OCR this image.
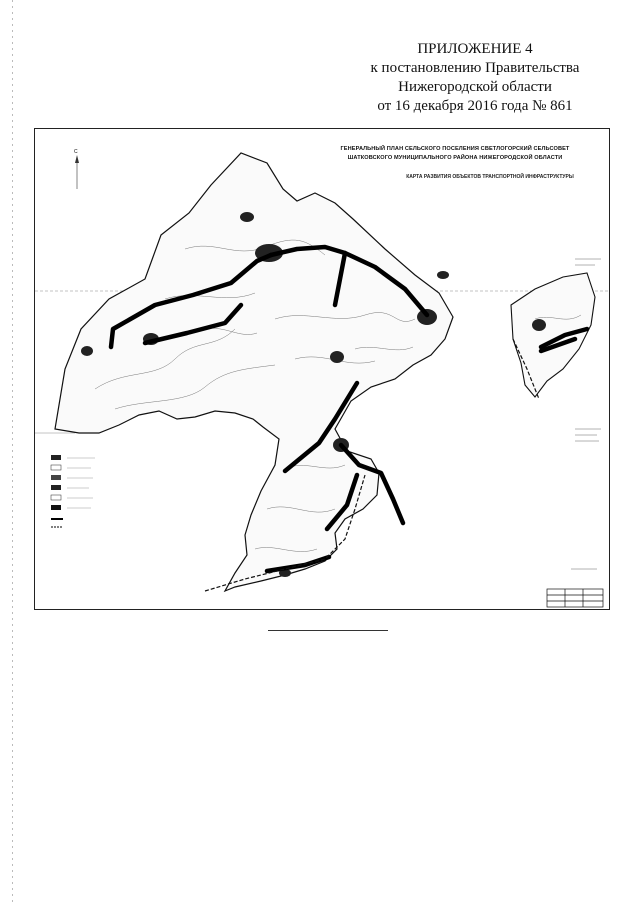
ПРИЛОЖЕНИЕ 4
к постановлению Правительства
Нижегородской области
от 16 декабря 2016 года № 861
С	ГЕНЕРАЛЬНЫЙ ПЛАН СЕЛЬСКОГО ПОСЕЛЕНИЯ СВЕТЛОГОРСКИЙ СЕЛЬСОВЕТ
ШАТКОВСКОГО МУНИЦИПАЛЬНОГО РАЙОНА НИЖЕГОРОДСКОЙ ОБЛАСТИ
КАРТА РАЗВИТИЯ ОБЪЕКТОВ ТРАНСПОРТНОЙ ИНФРАСТРУКТУРЫ
